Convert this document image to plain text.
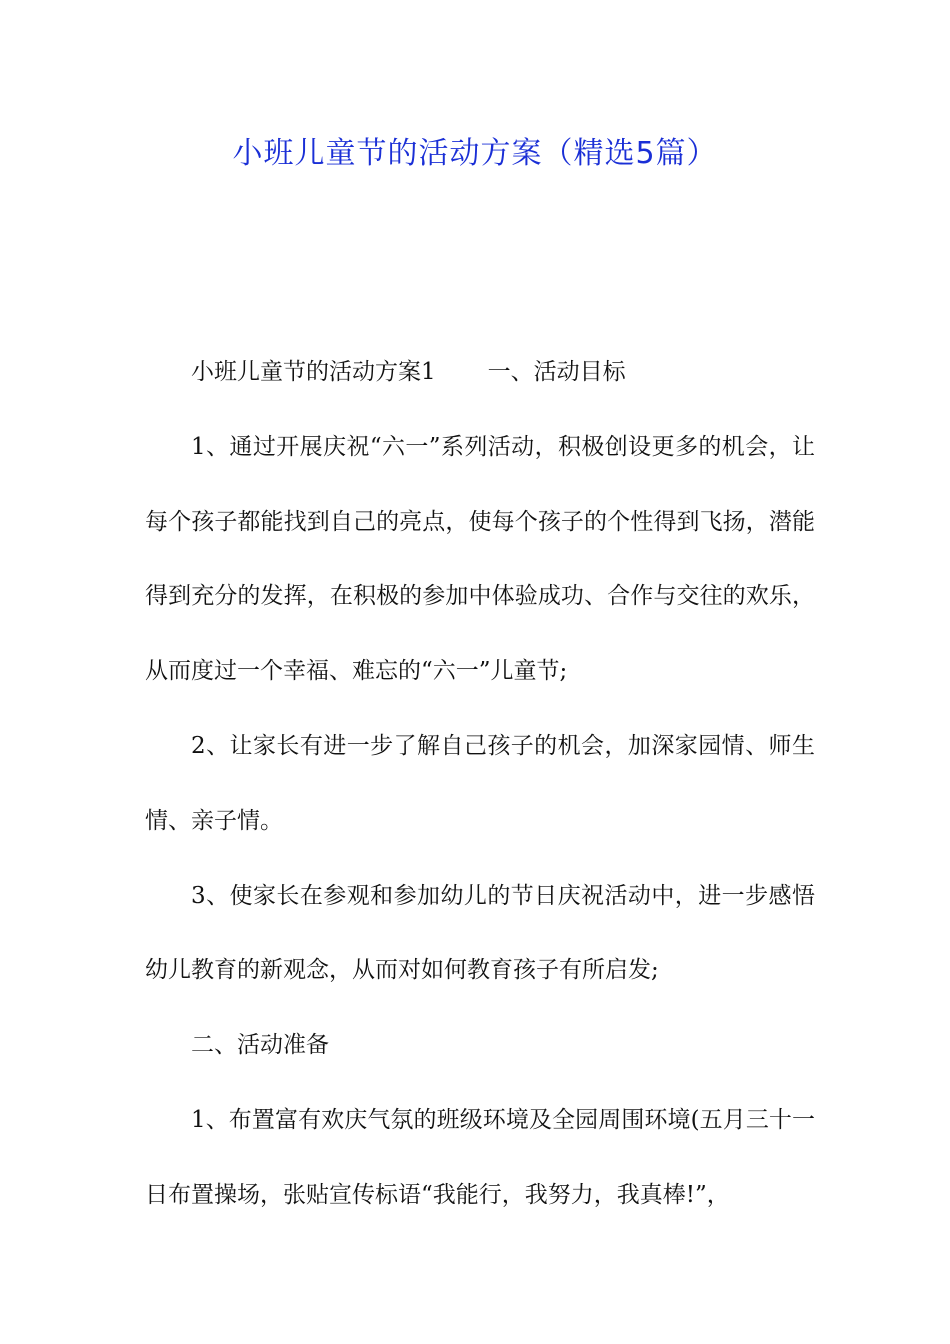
小班儿童节的活动方案（精选5篇）

小班儿童节的活动方案1 一、活动目标

1、通过开展庆祝“六一”系列活动，积极创设更多的机会，让每个孩子都能找到自己的亮点，使每个孩子的个性得到飞扬，潜能得到充分的发挥，在积极的参加中体验成功、合作与交往的欢乐，从而度过一个幸福、难忘的“六一”儿童节;

2、让家长有进一步了解自己孩子的机会，加深家园情、师生情、亲子情。

3、使家长在参观和参加幼儿的节日庆祝活动中，进一步感悟幼儿教育的新观念，从而对如何教育孩子有所启发;

二、活动准备

1、布置富有欢庆气氛的班级环境及全园周围环境(五月三十一日布置操场，张贴宣传标语“我能行，我努力，我真棒!”，
